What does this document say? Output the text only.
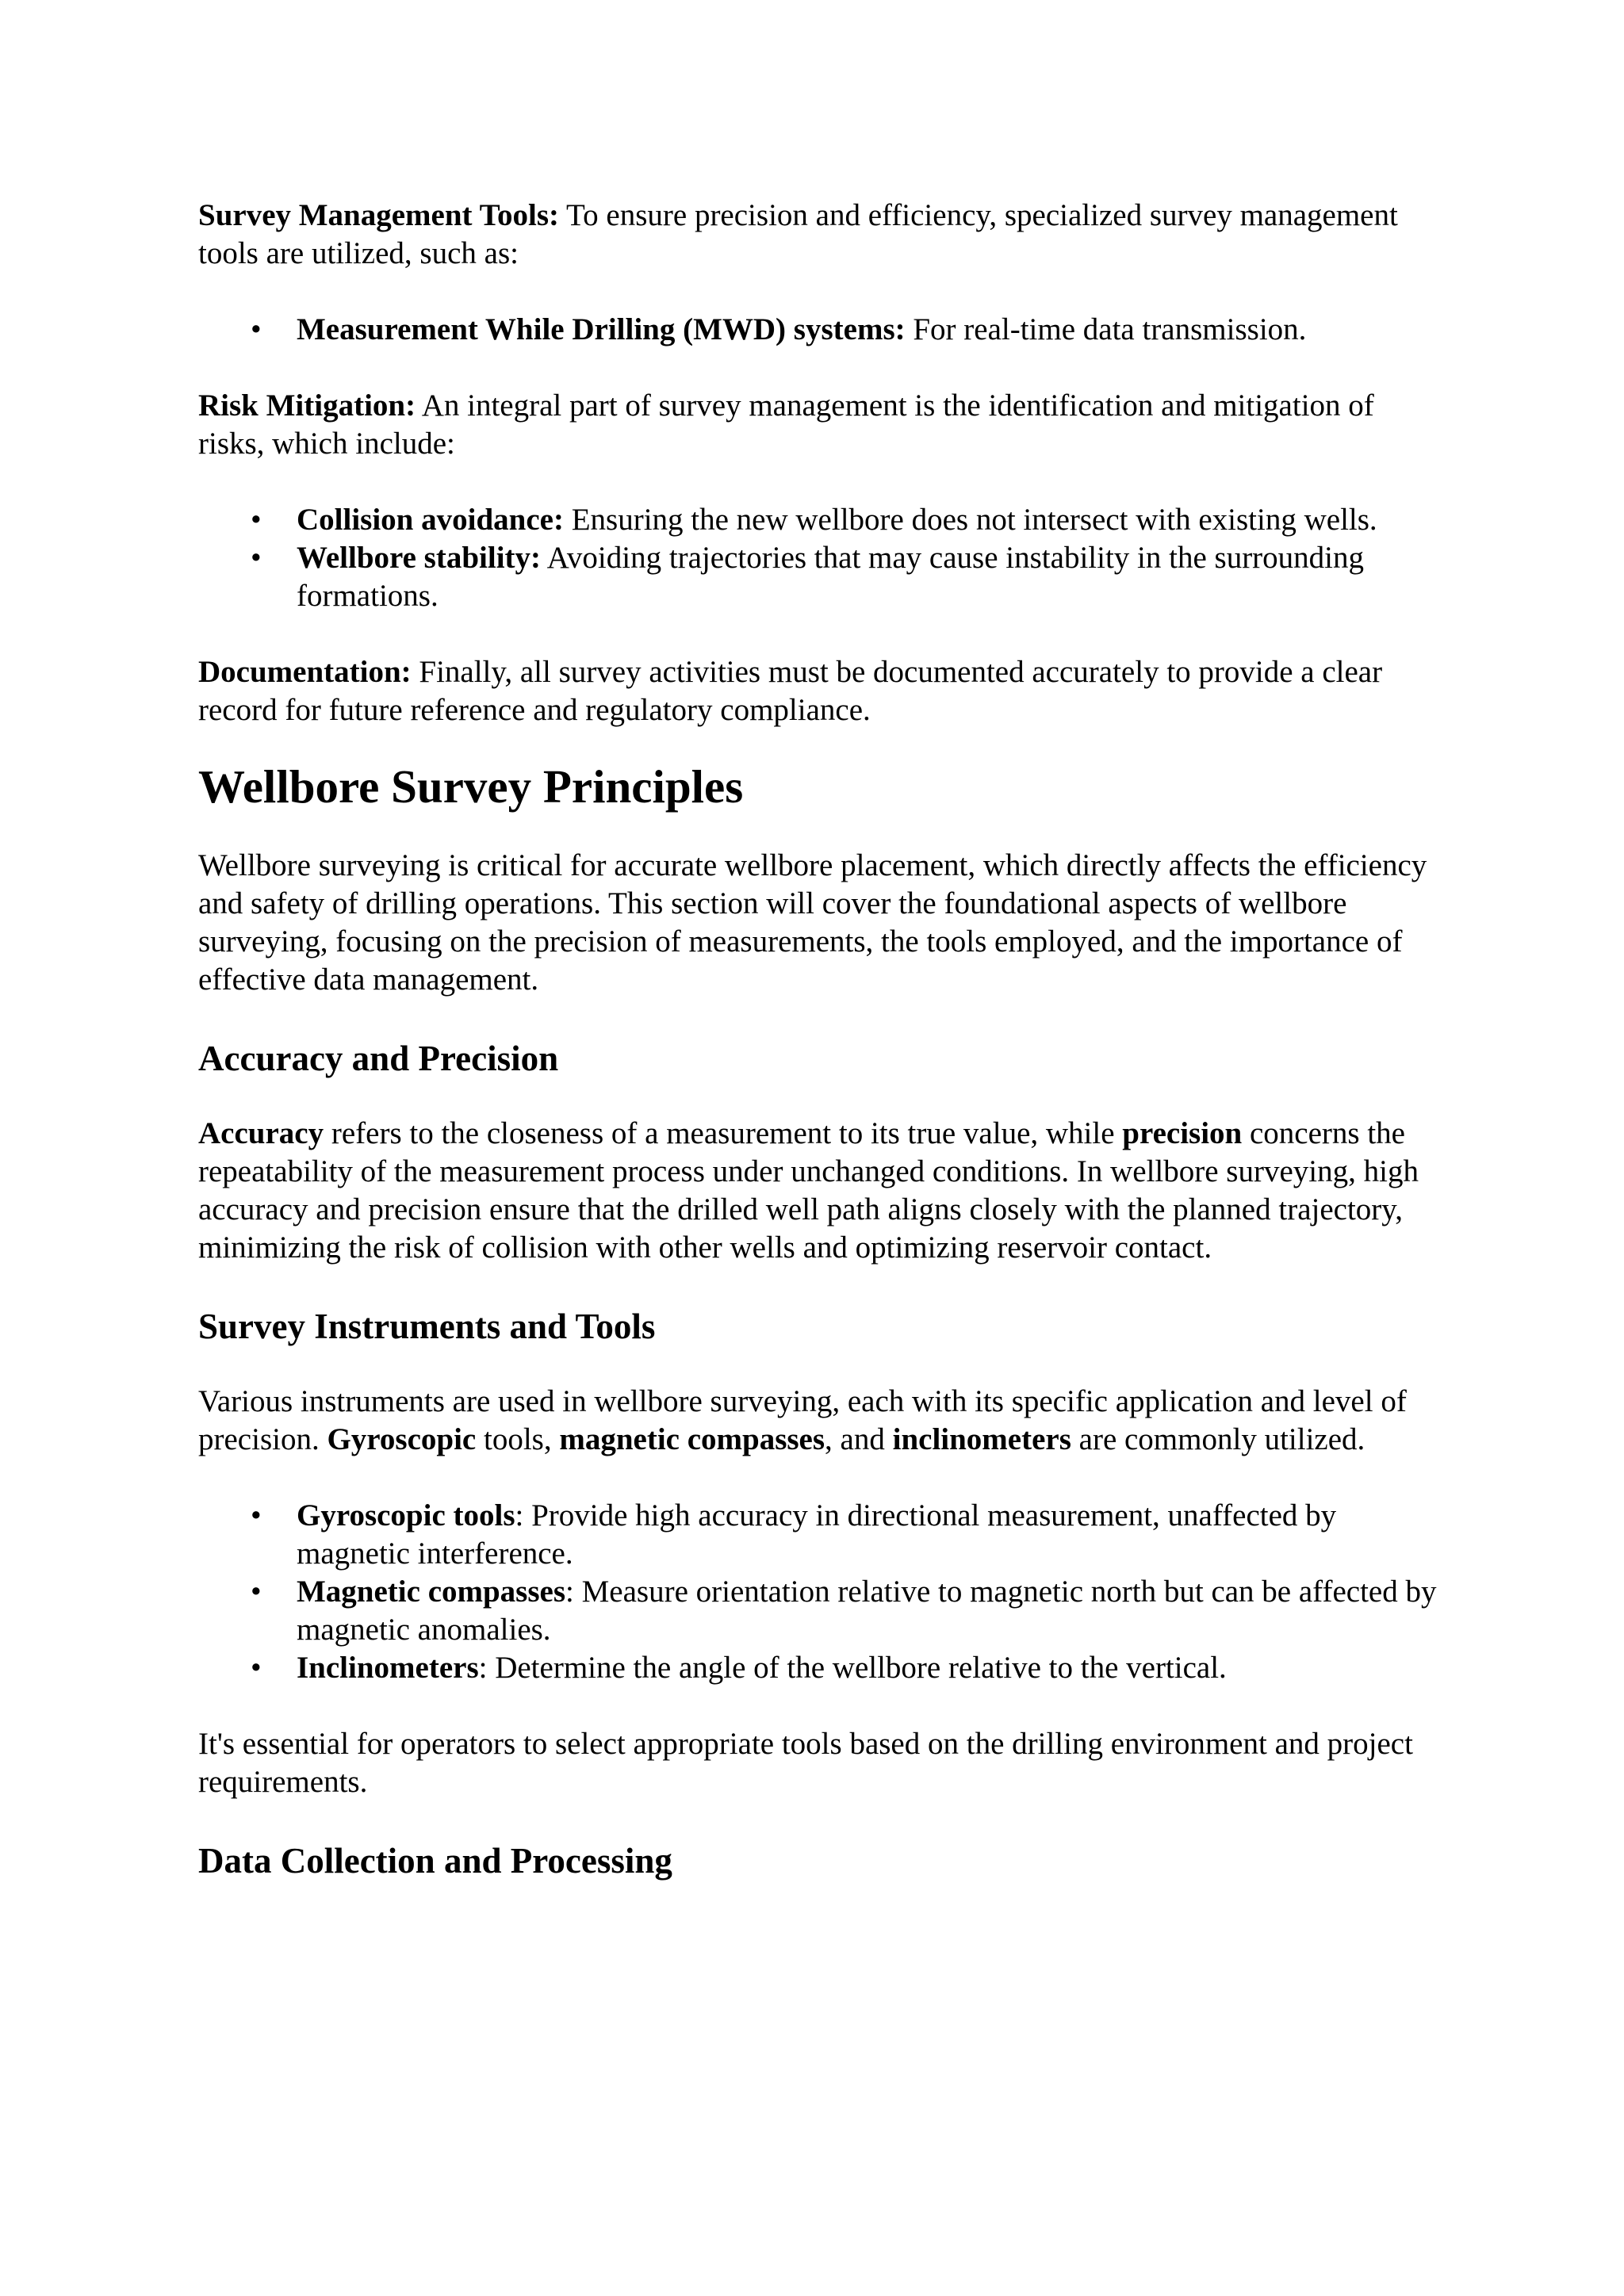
Survey Management Tools: To ensure precision and efficiency, specialized survey management tools are utilized, such as:

• Measurement While Drilling (MWD) systems: For real-time data transmission.

Risk Mitigation: An integral part of survey management is the identification and mitigation of risks, which include:

• Collision avoidance: Ensuring the new wellbore does not intersect with existing wells.
• Wellbore stability: Avoiding trajectories that may cause instability in the surrounding formations.

Documentation: Finally, all survey activities must be documented accurately to provide a clear record for future reference and regulatory compliance.

Wellbore Survey Principles

Wellbore surveying is critical for accurate wellbore placement, which directly affects the efficiency and safety of drilling operations. This section will cover the foundational aspects of wellbore surveying, focusing on the precision of measurements, the tools employed, and the importance of effective data management.

Accuracy and Precision

Accuracy refers to the closeness of a measurement to its true value, while precision concerns the repeatability of the measurement process under unchanged conditions. In wellbore surveying, high accuracy and precision ensure that the drilled well path aligns closely with the planned trajectory, minimizing the risk of collision with other wells and optimizing reservoir contact.

Survey Instruments and Tools

Various instruments are used in wellbore surveying, each with its specific application and level of precision. Gyroscopic tools, magnetic compasses, and inclinometers are commonly utilized.

• Gyroscopic tools: Provide high accuracy in directional measurement, unaffected by magnetic interference.
• Magnetic compasses: Measure orientation relative to magnetic north but can be affected by magnetic anomalies.
• Inclinometers: Determine the angle of the wellbore relative to the vertical.

It's essential for operators to select appropriate tools based on the drilling environment and project requirements.

Data Collection and Processing
